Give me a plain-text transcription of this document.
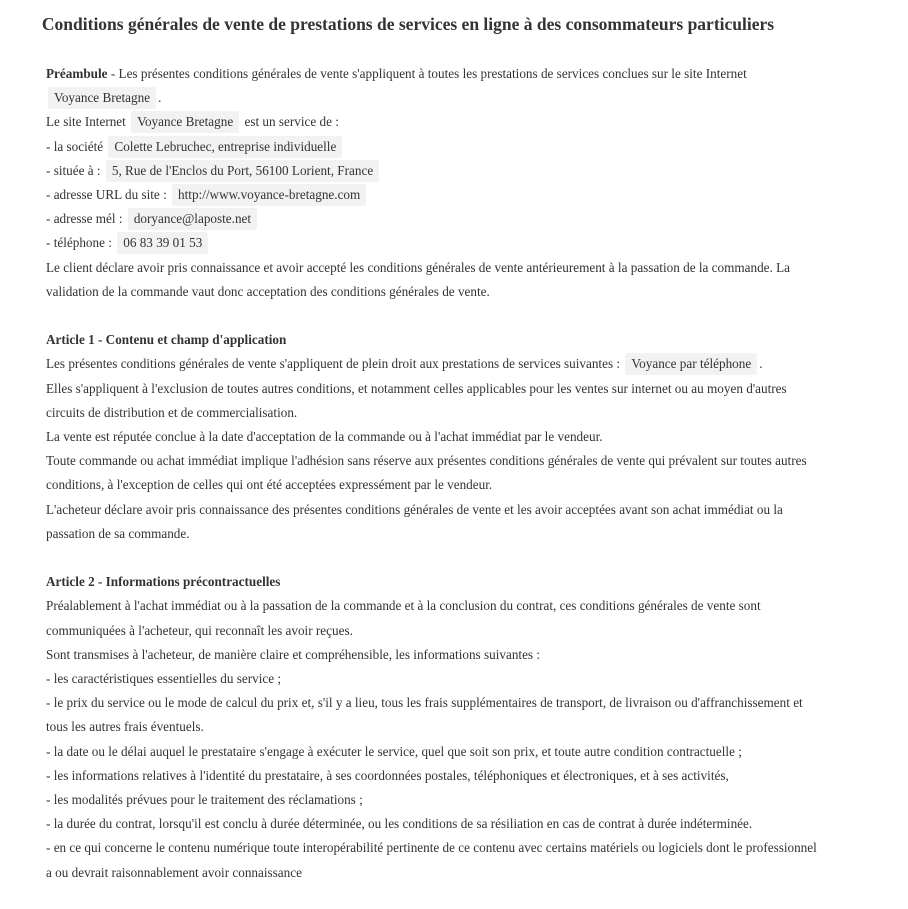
Conditions générales de vente de prestations de services en ligne à des consommateurs particuliers
Préambule - Les présentes conditions générales de vente s'appliquent à toutes les prestations de services conclues sur le site Internet
Voyance Bretagne .
Le site Internet Voyance Bretagne est un service de :
- la société Colette Lebruchec, entreprise individuelle
- située à : 5, Rue de l'Enclos du Port, 56100 Lorient, France
- adresse URL du site : http://www.voyance-bretagne.com
- adresse mél : doryance@laposte.net
- téléphone : 06 83 39 01 53
Le client déclare avoir pris connaissance et avoir accepté les conditions générales de vente antérieurement à la passation de la commande. La
validation de la commande vaut donc acceptation des conditions générales de vente.
Article 1 - Contenu et champ d'application
Les présentes conditions générales de vente s'appliquent de plein droit aux prestations de services suivantes : Voyance par téléphone .
Elles s'appliquent à l'exclusion de toutes autres conditions, et notamment celles applicables pour les ventes sur internet ou au moyen d'autres
circuits de distribution et de commercialisation.
La vente est réputée conclue à la date d'acceptation de la commande ou à l'achat immédiat par le vendeur.
Toute commande ou achat immédiat implique l'adhésion sans réserve aux présentes conditions générales de vente qui prévalent sur toutes autres
conditions, à l'exception de celles qui ont été acceptées expressément par le vendeur.
L'acheteur déclare avoir pris connaissance des présentes conditions générales de vente et les avoir acceptées avant son achat immédiat ou la
passation de sa commande.
Article 2 - Informations précontractuelles
Préalablement à l'achat immédiat ou à la passation de la commande et à la conclusion du contrat, ces conditions générales de vente sont
communiquées à l'acheteur, qui reconnaît les avoir reçues.
Sont transmises à l'acheteur, de manière claire et compréhensible, les informations suivantes :
- les caractéristiques essentielles du service ;
- le prix du service ou le mode de calcul du prix et, s'il y a lieu, tous les frais supplémentaires de transport, de livraison ou d'affranchissement et
tous les autres frais éventuels.
- la date ou le délai auquel le prestataire s'engage à exécuter le service, quel que soit son prix, et toute autre condition contractuelle ;
- les informations relatives à l'identité du prestataire, à ses coordonnées postales, téléphoniques et électroniques, et à ses activités,
- les modalités prévues pour le traitement des réclamations ;
- la durée du contrat, lorsqu'il est conclu à durée déterminée, ou les conditions de sa résiliation en cas de contrat à durée indéterminée.
- en ce qui concerne le contenu numérique toute interopérabilité pertinente de ce contenu avec certains matériels ou logiciels dont le professionnel
a ou devrait raisonnablement avoir connaissance
